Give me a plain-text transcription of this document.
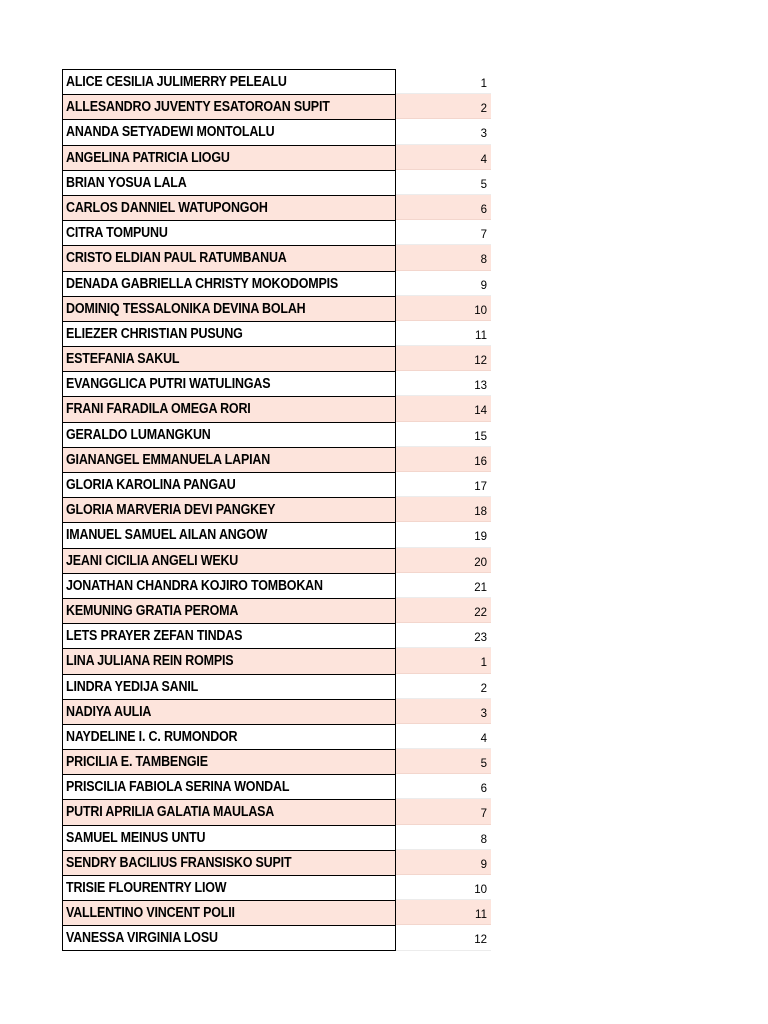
ALICE CESILIA JULIMERRY PELEALU	1
ALLESANDRO JUVENTY ESATOROAN SUPIT	2
ANANDA SETYADEWI MONTOLALU	3
ANGELINA PATRICIA LIOGU	4
BRIAN YOSUA LALA	5
CARLOS DANNIEL WATUPONGOH	6
CITRA TOMPUNU	7
CRISTO ELDIAN PAUL RATUMBANUA	8
DENADA GABRIELLA CHRISTY MOKODOMPIS	9
DOMINIQ TESSALONIKA DEVINA BOLAH	10
ELIEZER CHRISTIAN PUSUNG	11
ESTEFANIA SAKUL	12
EVANGGLICA PUTRI WATULINGAS	13
FRANI FARADILA OMEGA RORI	14
GERALDO LUMANGKUN	15
GIANANGEL EMMANUELA LAPIAN	16
GLORIA KAROLINA PANGAU	17
GLORIA MARVERIA DEVI PANGKEY	18
IMANUEL SAMUEL AILAN ANGOW	19
JEANI CICILIA ANGELI WEKU	20
JONATHAN CHANDRA KOJIRO TOMBOKAN	21
KEMUNING GRATIA PEROMA	22
LETS PRAYER ZEFAN TINDAS	23
LINA JULIANA REIN ROMPIS	1
LINDRA YEDIJA SANIL	2
NADIYA AULIA	3
NAYDELINE I. C. RUMONDOR	4
PRICILIA E. TAMBENGIE	5
PRISCILIA FABIOLA SERINA WONDAL	6
PUTRI APRILIA GALATIA MAULASA	7
SAMUEL MEINUS UNTU	8
SENDRY BACILIUS FRANSISKO SUPIT	9
TRISIE FLOURENTRY LIOW	10
VALLENTINO VINCENT POLII	11
VANESSA VIRGINIA LOSU	12
